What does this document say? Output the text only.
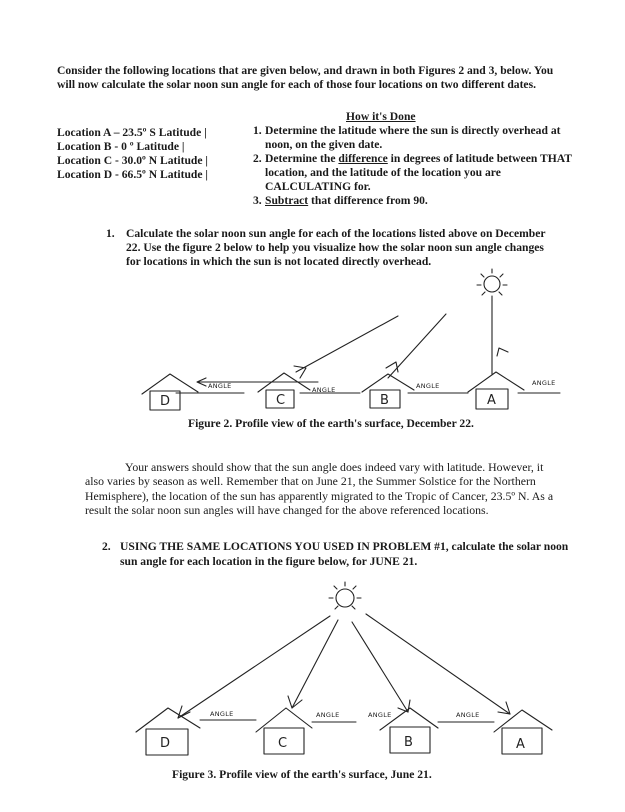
Consider the following locations that are given below, and drawn in both Figures 2 and 3, below. You will now calculate the solar noon sun angle for each of those four locations on two different dates.
How it's Done
Location A – 23.5º S Latitude |
Location B - 0 º Latitude |
Location C - 30.0º N Latitude |
Location D - 66.5º N Latitude |
1. Determine the latitude where the sun is directly overhead at noon, on the given date.
2. Determine the difference in degrees of latitude between THAT location, and the latitude of the location you are CALCULATING for.
3. Subtract that difference from 90.
1. Calculate the solar noon sun angle for each of the locations listed above on December 22. Use the figure 2 below to help you visualize how the solar noon sun angle changes for locations in which the sun is not located directly overhead.
D	C	B	A
ANGLE	ANGLE	ANGLE	ANGLE
Figure 2. Profile view of the earth's surface, December 22.
Your answers should show that the sun angle does indeed vary with latitude. However, it also varies by season as well. Remember that on June 21, the Summer Solstice for the Northern Hemisphere), the location of the sun has apparently migrated to the Tropic of Cancer, 23.5º N. As a result the solar noon sun angles will have changed for the above referenced locations.
2. USING THE SAME LOCATIONS YOU USED IN PROBLEM #1, calculate the solar noon sun angle for each location in the figure below, for JUNE 21.
D	C	B	A
ANGLE	ANGLE	ANGLE	ANGLE
Figure 3. Profile view of the earth's surface, June 21.
